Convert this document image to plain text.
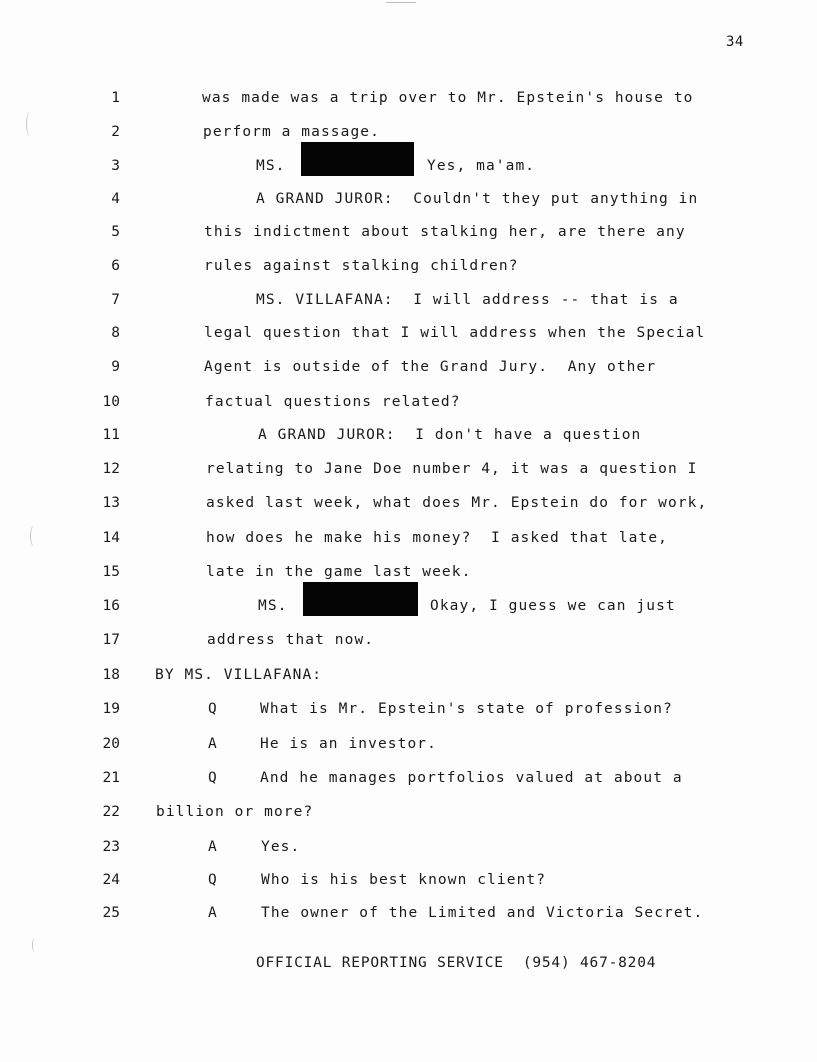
34
1	was made was a trip over to Mr. Epstein's house to
2	perform a massage.
3	MS.	Yes, ma'am.
4	A GRAND JUROR:  Couldn't they put anything in
5	this indictment about stalking her, are there any
6	rules against stalking children?
7	MS. VILLAFANA:  I will address -- that is a
8	legal question that I will address when the Special
9	Agent is outside of the Grand Jury.  Any other
10	factual questions related?
11	A GRAND JUROR:  I don't have a question
12	relating to Jane Doe number 4, it was a question I
13	asked last week, what does Mr. Epstein do for work,
14	how does he make his money?  I asked that late,
15	late in the game last week.
16	MS.	Okay, I guess we can just
17	address that now.
18 BY MS. VILLAFANA:
19	Q	What is Mr. Epstein's state of profession?
20	A	He is an investor.
21	Q	And he manages portfolios valued at about a
22 billion or more?
23	A	Yes.
24	Q	Who is his best known client?
25	A	The owner of the Limited and Victoria Secret.
OFFICIAL REPORTING SERVICE  (954) 467-8204
